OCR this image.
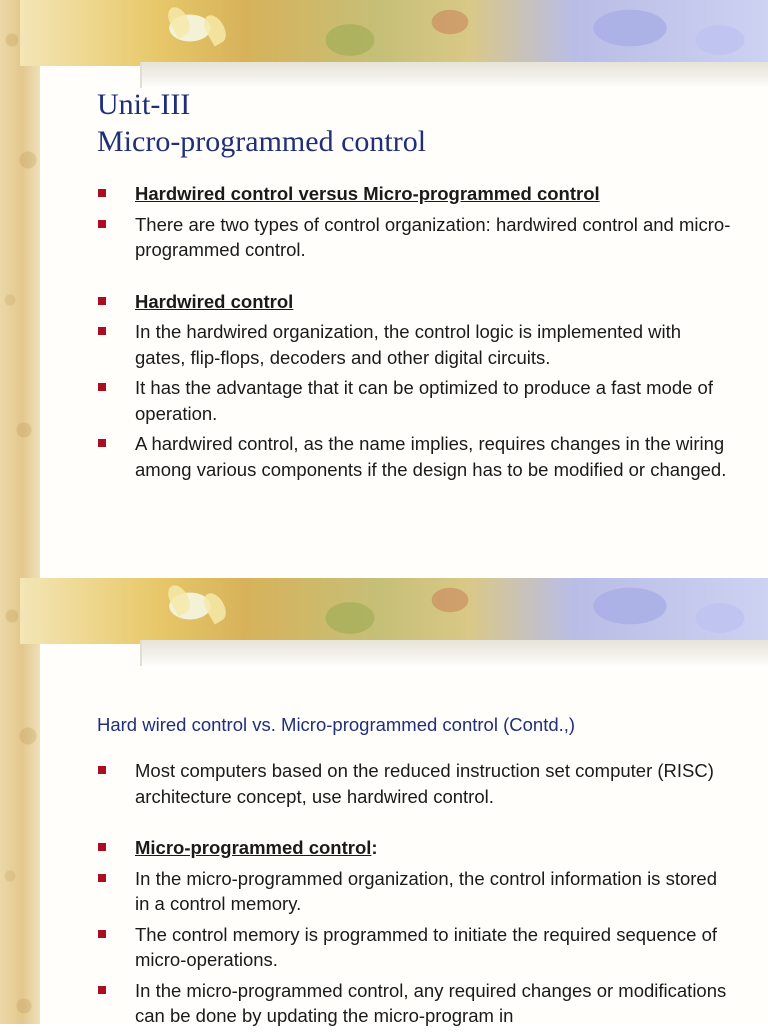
Unit-III
Micro-programmed control
Hardwired control versus Micro-programmed control
There are two types of control organization: hardwired control and micro-programmed control.
Hardwired control
In the hardwired organization, the control logic is implemented with gates, flip-flops, decoders and other digital circuits.
It has the advantage that it can be optimized to produce a fast mode of operation.
A hardwired control, as the name implies, requires changes in the wiring among various components if the design has to be modified or changed.
Hard wired control vs. Micro-programmed control (Contd.,)
Most computers based on the reduced instruction set computer (RISC) architecture concept, use hardwired control.
Micro-programmed control:
In the micro-programmed organization, the control information is stored in a control memory.
The control memory is programmed to initiate the required sequence of micro-operations.
In the micro-programmed control, any required changes or modifications can be done by updating the micro-program in
